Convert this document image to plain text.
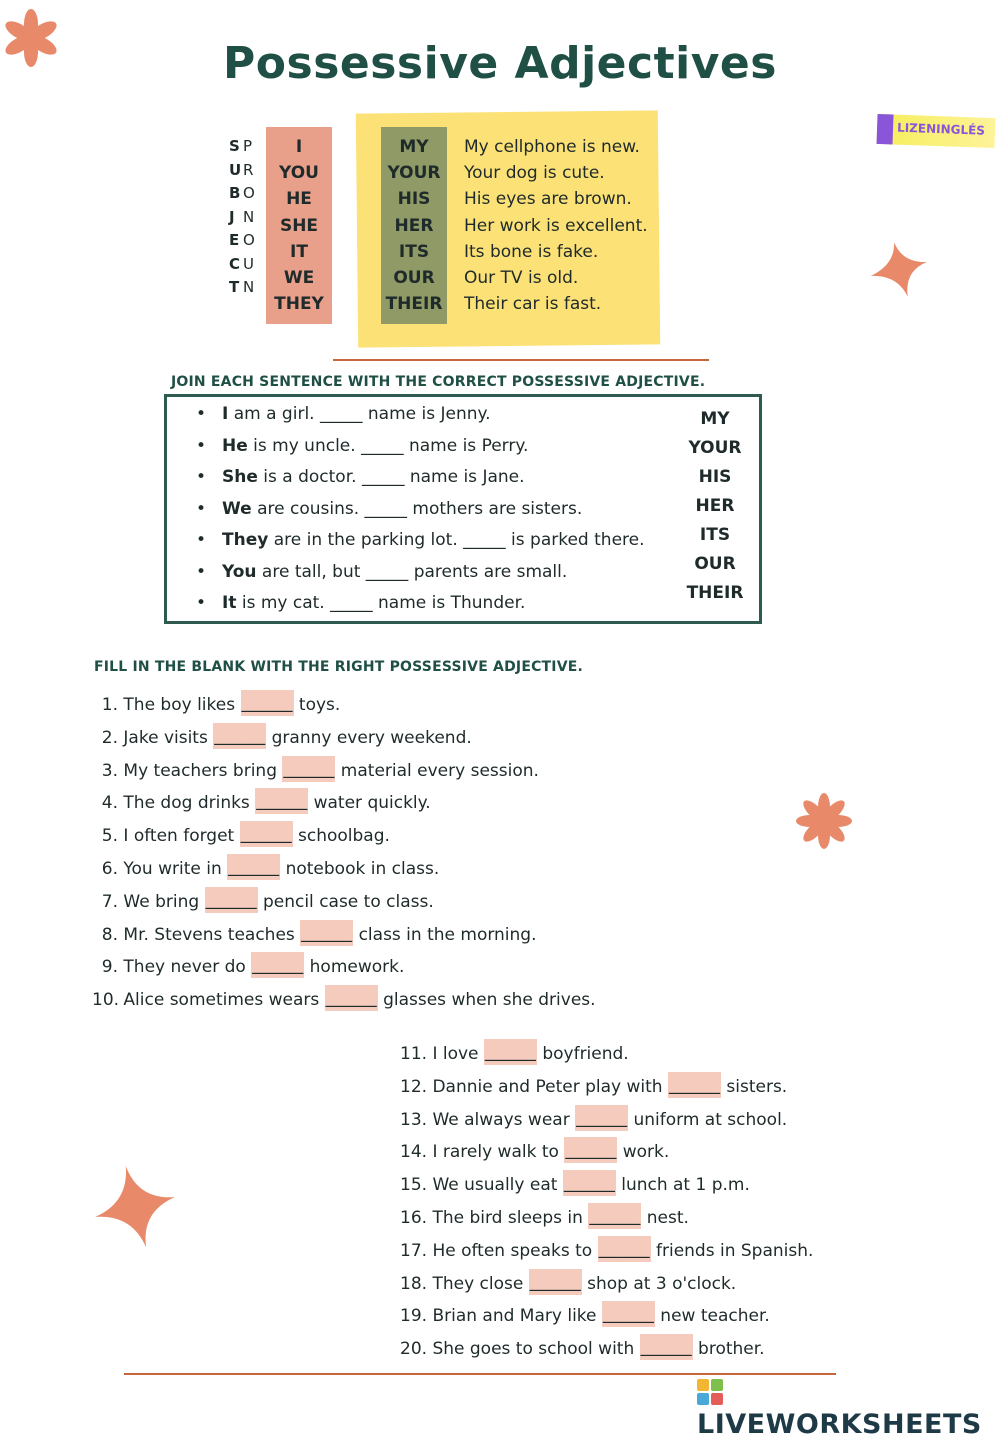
Possessive Adjectives
LIZENINGLÉS
S
U
B
J
E
C
T
P
R
O
N
O
U
N
I
YOU
HE
SHE
IT
WE
THEY
MY
YOUR
HIS
HER
ITS
OUR
THEIR
My cellphone is new.
Your dog is cute.
His eyes are brown.
Her work is excellent.
Its bone is fake.
Our TV is old.
Their car is fast.
JOIN EACH SENTENCE WITH THE CORRECT POSSESSIVE ADJECTIVE.
• I am a girl. _____ name is Jenny.
• He is my uncle. _____ name is Perry.
• She is a doctor. _____ name is Jane.
• We are cousins. _____ mothers are sisters.
• They are in the parking lot. _____ is parked there.
• You are tall, but _____ parents are small.
• It is my cat. _____ name is Thunder.
MY
YOUR
HIS
HER
ITS
OUR
THEIR
FILL IN THE BLANK WITH THE RIGHT POSSESSIVE ADJECTIVE.
1. The boy likes ______ toys.
2. Jake visits ______ granny every weekend.
3. My teachers bring ______ material every session.
4. The dog drinks ______ water quickly.
5. I often forget ______ schoolbag.
6. You write in ______ notebook in class.
7. We bring ______ pencil case to class.
8. Mr. Stevens teaches ______ class in the morning.
9. They never do ______ homework.
10. Alice sometimes wears ______ glasses when she drives.
11. I love ______ boyfriend.
12. Dannie and Peter play with ______ sisters.
13. We always wear ______ uniform at school.
14. I rarely walk to ______ work.
15. We usually eat ______ lunch at 1 p.m.
16. The bird sleeps in ______ nest.
17. He often speaks to ______ friends in Spanish.
18. They close ______ shop at 3 o'clock.
19. Brian and Mary like ______ new teacher.
20. She goes to school with ______ brother.
LIVEWORKSHEETS
